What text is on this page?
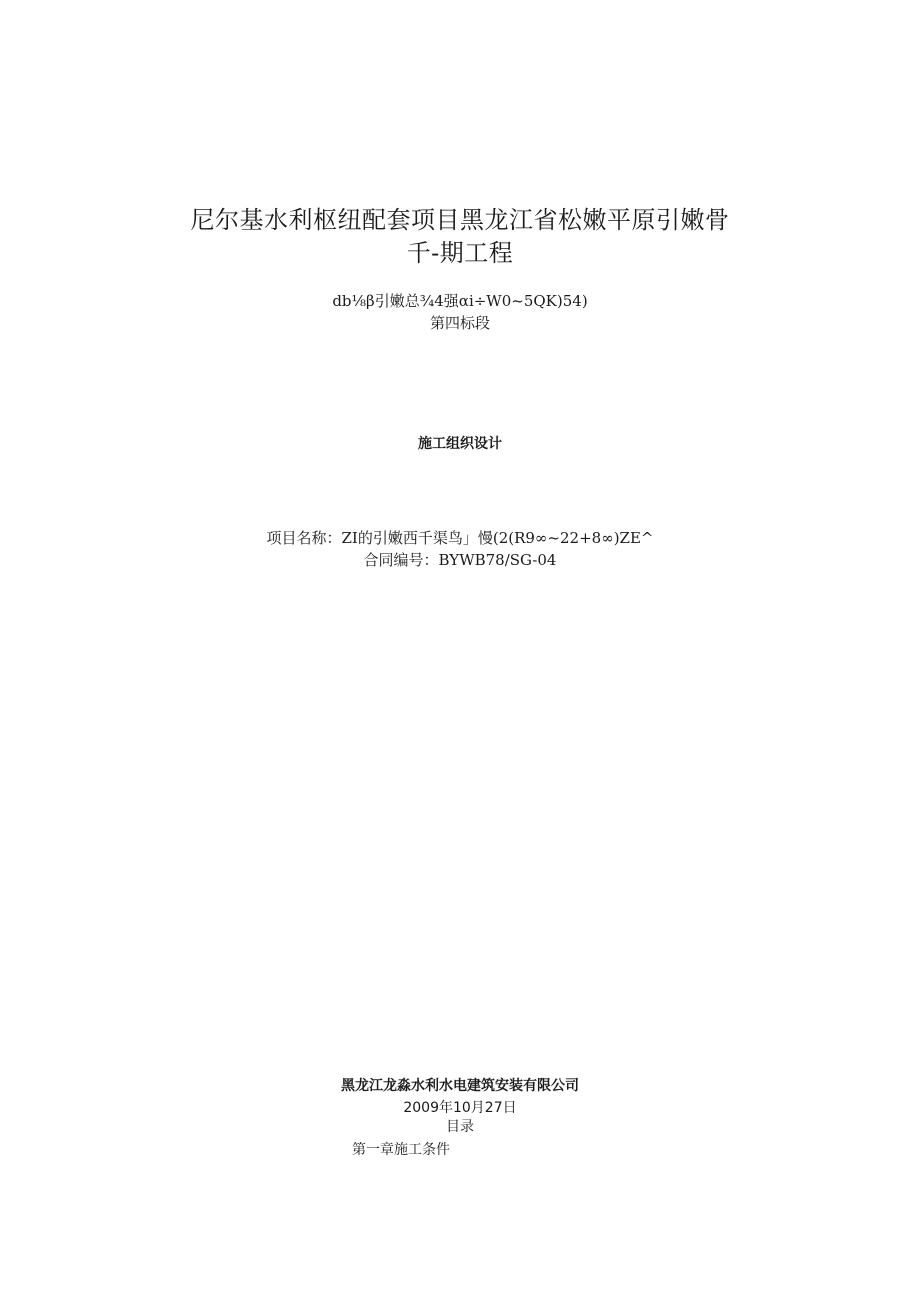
尼尔基水利枢纽配套项目黑龙江省松嫩平原引嫩骨
千-期工程
db⅛β引嫩总¾4强αi÷W0~5QK)54)
第四标段
施工组织设计
项目名称：ZI的引嫩西千渠鸟」慢(2(R9∞~22+8∞)ZE^
合同编号：BYWB78/SG-04
黑龙江龙淼水利水电建筑安装有限公司
2009年10月27日
目录
第一章施工条件
